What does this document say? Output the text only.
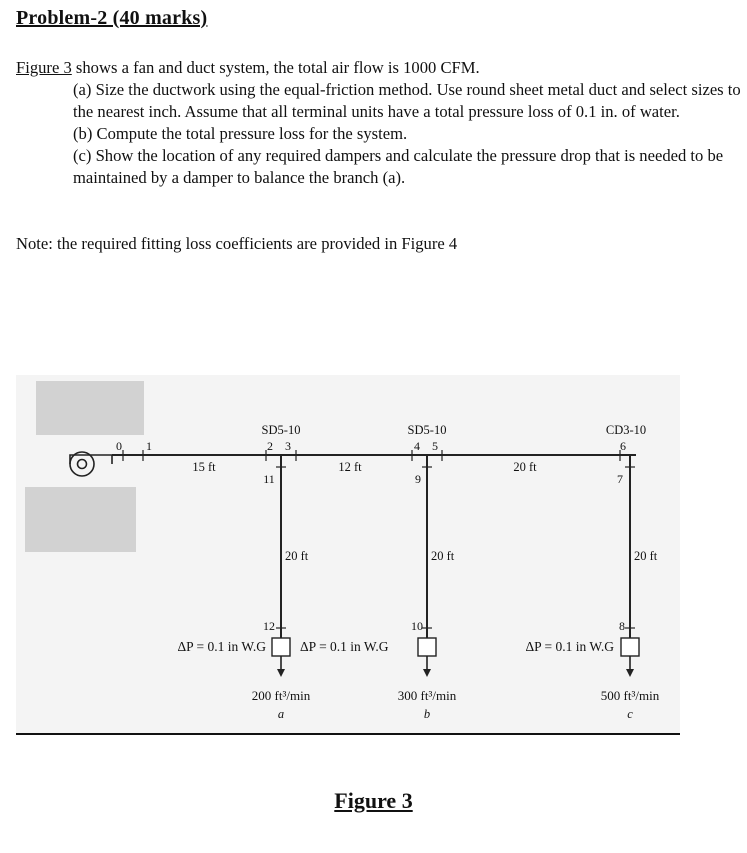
Problem-2 (40 marks)

Figure 3 shows a fan and duct system, the total air flow is 1000 CFM.

(a) Size the ductwork using the equal-friction method. Use round sheet metal duct and select sizes to the nearest inch. Assume that all terminal units have a total pressure loss of 0.1 in. of water.

(b) Compute the total pressure loss for the system.

(c) Show the location of any required dampers and calculate the pressure drop that is needed to be maintained by a damper to balance the branch (a).

Note: the required fitting loss coefficients are provided in Figure 4
SD5-10	SD5-10	CD3-10
0 1	2 3	4 5	6
7
8
9
10
11
12
15 ft	12 ft	20 ft
20 ft	20 ft	20 ft
ΔP = 0.1 in W.G	ΔP = 0.1 in W.G	ΔP = 0.1 in W.G
200 ft³/min
a
300 ft³/min
b
500 ft³/min
c
Figure 3
